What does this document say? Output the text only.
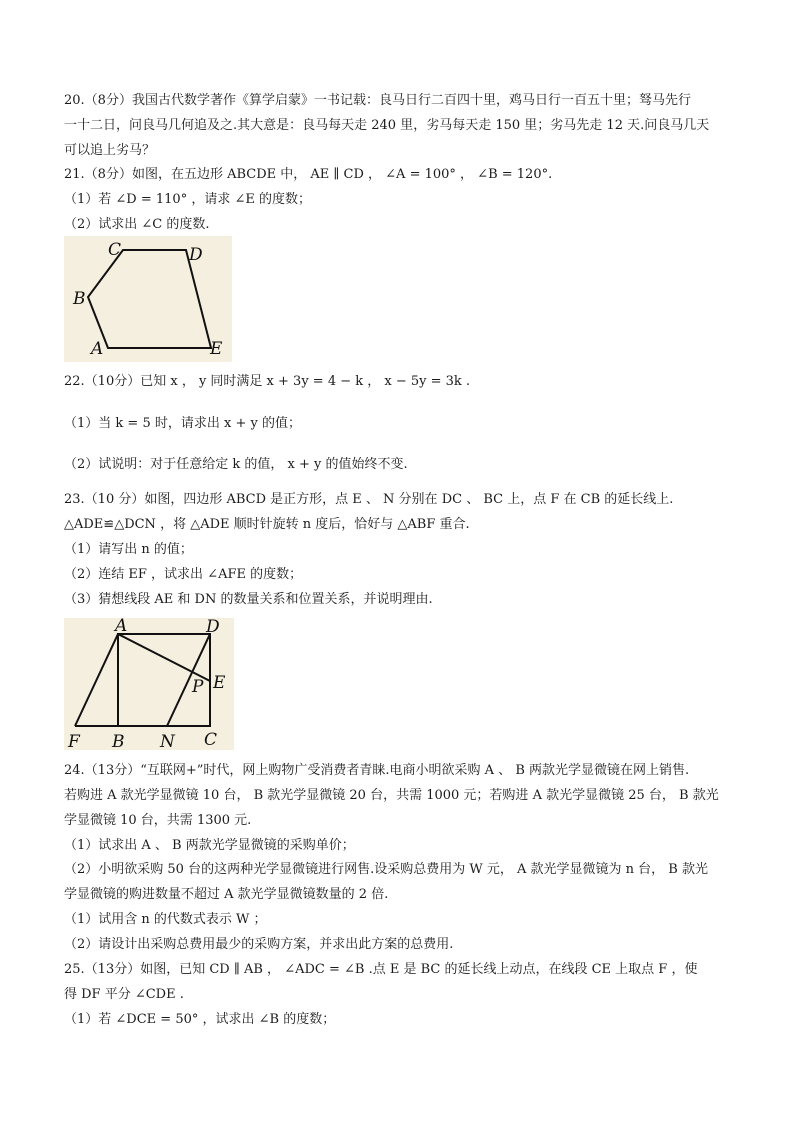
20.（8分）我国古代数学著作《算学启蒙》一书记载：良马日行二百四十里，鸡马日行一百五十里；驽马先行
一十二日，问良马几何追及之.其大意是：良马每天走 240 里，劣马每天走 150 里；劣马先走 12 天.问良马几天
可以追上劣马？
21.（8分）如图，在五边形 ABCDE 中， AE ∥ CD ， ∠A = 100° ， ∠B = 120°.
（1）若 ∠D = 110° ，请求 ∠E 的度数；
（2）试求出 ∠C 的度数.
C	D
B
A	E
22.（10分）已知 x ， y 同时满足 x + 3y = 4 − k ， x − 5y = 3k .
（1）当 k = 5 时，请求出 x + y 的值；
（2）试说明：对于任意给定 k 的值， x + y 的值始终不变.
23.（10 分）如图，四边形 ABCD 是正方形，点 E 、 N 分别在 DC 、 BC 上，点 F 在 CB 的延长线上.
△ADE≌△DCN ，将 △ADE 顺时针旋转 n 度后，恰好与 △ABF 重合.
（1）请写出 n 的值；
（2）连结 EF ，试求出 ∠AFE 的度数；
（3）猜想线段 AE 和 DN 的数量关系和位置关系，并说明理由.
A	D
P E
F B N C
24.（13分）“互联网+”时代，网上购物广受消费者青睐.电商小明欲采购 A 、 B 两款光学显微镜在网上销售.
若购进 A 款光学显微镜 10 台， B 款光学显微镜 20 台，共需 1000 元；若购进 A 款光学显微镜 25 台， B 款光
学显微镜 10 台，共需 1300 元.
（1）试求出 A 、 B 两款光学显微镜的采购单价；
（2）小明欲采购 50 台的这两种光学显微镜进行网售.设采购总费用为 W 元， A 款光学显微镜为 n 台， B 款光
学显微镜的购进数量不超过 A 款光学显微镜数量的 2 倍.
（1）试用含 n 的代数式表示 W ；
（2）请设计出采购总费用最少的采购方案，并求出此方案的总费用.
25.（13分）如图，已知 CD ∥ AB ， ∠ADC = ∠B .点 E 是 BC 的延长线上动点，在线段 CE 上取点 F ，使
得 DF 平分 ∠CDE .
（1）若 ∠DCE = 50° ，试求出 ∠B 的度数；
